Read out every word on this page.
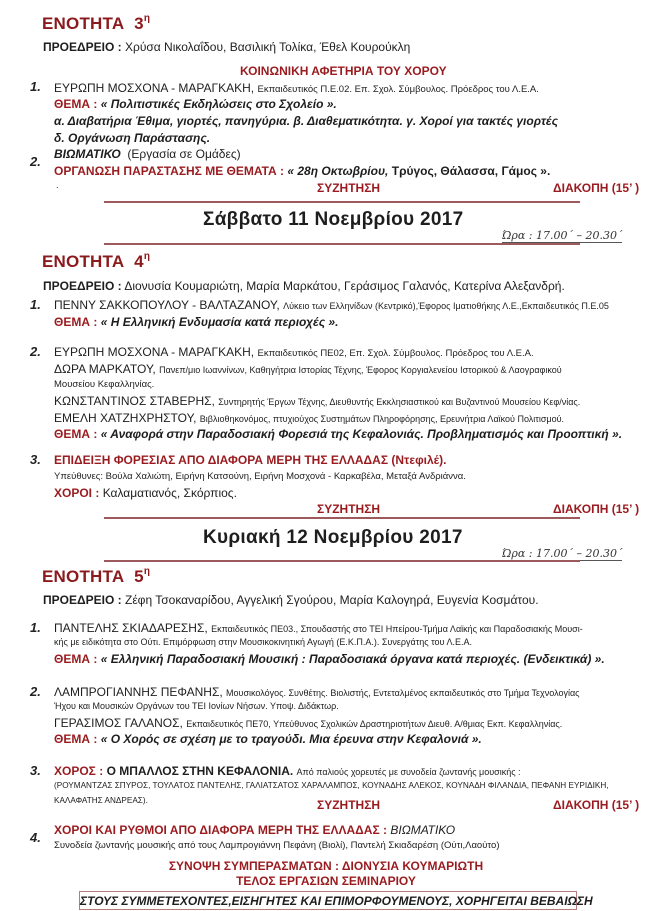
ΕΝΟΤΗΤΑ $3^\eta$
ΠΡΟΕΔΡΕΙΟ : Χρύσα Νικολαΐδου, Βασιλική Τολίκα, Έθελ Κουρούκλη
ΚΟΙΝΩΝΙΚΗ ΑΦΕΤΗΡΙΑ ΤΟΥ ΧΟΡΟΥ
1. ΕΥΡΩΠΗ ΜΟΣΧΟΝΑ - ΜΑΡΑΓΚΑΚΗ, Εκπαιδευτικός Π.Ε.02. Επ. Σχολ. Σύμβουλος. Πρόεδρος του Λ.Ε.Α.
ΘΕΜΑ : « Πολιτιστικές Εκδηλώσεις στο Σχολείο ».
α. Διαβατήρια Έθιμα, γιορτές, πανηγύρια. β. Διαθεματικότητα. γ. Χοροί για τακτές γιορτές
δ. Οργάνωση Παράστασης.
2. ΒΙΩΜΑΤΙΚΟ (Εργασία σε Ομάδες)
ΟΡΓΑΝΩΣΗ ΠΑΡΑΣΤΑΣΗΣ ΜΕ ΘΕΜΑΤΑ : « 28η Οκτωβρίου, Τρύγος, Θάλασσα, Γάμος ».
.	ΣΥΖΗΤΗΣΗ	ΔΙΑΚΟΠΗ (15’ )
Σάββατο 11 Νοεμβρίου 2017
Ώρα : 17.00΄ – 20.30΄
ΕΝΟΤΗΤΑ $4^\eta$
ΠΡΟΕΔΡΕΙΟ : Διονυσία Κουμαριώτη, Μαρία Μαρκάτου, Γεράσιμος Γαλανός, Κατερίνα Αλεξανδρή.
1. ΠΕΝΝΥ ΣΑΚΚΟΠΟΥΛΟΥ - ΒΑΛΤΑΖΑΝΟΥ, Λύκειο των Ελληνίδων (Κεντρικό),Έφορος Ιματιοθήκης Λ.Ε.,Εκπαιδευτικός Π.Ε.05
ΘΕΜΑ : « Η Ελληνική Ενδυμασία κατά περιοχές ».
2. ΕΥΡΩΠΗ ΜΟΣΧΟΝΑ - ΜΑΡΑΓΚΑΚΗ, Εκπαιδευτικός ΠΕ02, Επ. Σχολ. Σύμβουλος. Πρόεδρος του Λ.Ε.Α.
ΔΩΡΑ ΜΑΡΚΑΤΟΥ, Πανεπ/μιο Ιωαννίνων, Καθηγήτρια Ιστορίας Τέχνης, Έφορος Κοργιαλενείου Ιστορικού & Λαογραφικού
Μουσείου Κεφαλληνίας.
ΚΩΝΣΤΑΝΤΙΝΟΣ ΣΤΑΒΕΡΗΣ, Συντηρητής Έργων Τέχνης, Διευθυντής Εκκλησιαστικού και Βυζαντινού Μουσείου Κεφ/νίας.
ΕΜΕΛΗ ΧΑΤΖΗΧΡΗΣΤΟΥ, Βιβλιοθηκονόμος, πτυχιούχος Συστημάτων Πληροφόρησης, Ερευνήτρια Λαϊκού Πολιτισμού.
ΘΕΜΑ : « Αναφορά στην Παραδοσιακή Φορεσιά της Κεφαλονιάς. Προβληματισμός και Προοπτική ».
3. ΕΠΙΔΕΙΞΗ ΦΟΡΕΣΙΑΣ ΑΠΟ ΔΙΑΦΟΡΑ ΜΕΡΗ ΤΗΣ ΕΛΛΑΔΑΣ (Ντεφιλέ).
Υπεύθυνες: Βούλα Χαλιώτη, Ειρήνη Κατσούνη, Ειρήνη Μοσχονά - Καρκαβέλα, Μεταξά Ανδριάννα.
ΧΟΡΟΙ : Καλαματιανός, Σκόρπιος.
ΣΥΖΗΤΗΣΗ	ΔΙΑΚΟΠΗ (15’ )
Κυριακή 12 Νοεμβρίου 2017
Ώρα : 17.00΄ – 20.30΄
ΕΝΟΤΗΤΑ $5^\eta$
ΠΡΟΕΔΡΕΙΟ : Ζέφη Τσοκαναρίδου, Αγγελική Σγούρου, Μαρία Καλογηρά, Ευγενία Κοσμάτου.
1. ΠΑΝΤΕΛΗΣ ΣΚΙΑΔΑΡΕΣΗΣ, Εκπαιδευτικός ΠΕ03., Σπουδαστής στο ΤΕΙ Ηπείρου-Τμήμα Λαϊκής και Παραδοσιακής Μουσι-
κής με ειδικότητα στο Ούτι. Επιμόρφωση στην Μουσικοκινητική Αγωγή (Ε.Κ.Π.Α.). Συνεργάτης του Λ.Ε.Α.
ΘΕΜΑ : « Ελληνική Παραδοσιακή Μουσική : Παραδοσιακά όργανα κατά περιοχές. (Ενδεικτικά) ».
2. ΛΑΜΠΡΟΓΙΑΝΝΗΣ ΠΕΦΑΝΗΣ, Μουσικολόγος. Συνθέτης. Βιολιστής, Εντεταλμένος εκπαιδευτικός στο Τμήμα Τεχνολογίας
Ήχου και Μουσικών Οργάνων του ΤΕΙ Ιονίων Νήσων. Υποψ. Διδάκτωρ.
ΓΕΡΑΣΙΜΟΣ ΓΑΛΑΝΟΣ, Εκπαιδευτικός ΠΕ70, Υπεύθυνος Σχολικών Δραστηριοτήτων Διευθ. Α/θμιας Εκπ. Κεφαλληνίας.
ΘΕΜΑ : « Ο Χορός σε σχέση με το τραγούδι. Μια έρευνα στην Κεφαλονιά ».
3. ΧΟΡΟΣ : Ο ΜΠΑΛΛΟΣ ΣΤΗΝ ΚΕΦΑΛΟΝΙΑ. Από παλιούς χορευτές με συνοδεία ζωντανής μουσικής :
(ΡΟΥΜΑΝΤΖΑΣ ΣΠΥΡΟΣ, ΤΟΥΛΑΤΟΣ ΠΑΝΤΕΛΗΣ, ΓΑΛΙΑΤΣΑΤΟΣ ΧΑΡΑΛΑΜΠΟΣ, ΚΟΥΝΑΔΗΣ ΑΛΕΚΟΣ, ΚΟΥΝΑΔΗ ΦΙΛΑΝΔΙΑ, ΠΕΦΑΝΗ ΕΥΡΙΔΙΚΗ,
ΚΑΛΑΦΑΤΗΣ ΑΝΔΡΕΑΣ).	ΣΥΖΗΤΗΣΗ	ΔΙΑΚΟΠΗ (15’ )
4. ΧΟΡΟΙ ΚΑΙ ΡΥΘΜΟΙ ΑΠΟ ΔΙΑΦΟΡΑ ΜΕΡΗ ΤΗΣ ΕΛΛΑΔΑΣ : ΒΙΩΜΑΤΙΚΟ
Συνοδεία ζωντανής μουσικής από τους Λαμπρογιάννη Πεφάνη (Βιολί), Παντελή Σκιαδαρέση (Ούτι,Λαούτο)
ΣΥΝΟΨΗ ΣΥΜΠΕΡΑΣΜΑΤΩΝ : ΔΙΟΝΥΣΙΑ ΚΟΥΜΑΡΙΩΤΗ
ΤΕΛΟΣ ΕΡΓΑΣΙΩΝ ΣΕΜΙΝΑΡΙΟΥ
ΣΤΟΥΣ ΣΥΜΜΕΤΕΧΟΝΤΕΣ,ΕΙΣΗΓΗΤΕΣ ΚΑΙ ΕΠΙΜΟΡΦΟΥΜΕΝΟΥΣ, ΧΟΡΗΓΕΙΤΑΙ ΒΕΒΑΙΩΣΗ
